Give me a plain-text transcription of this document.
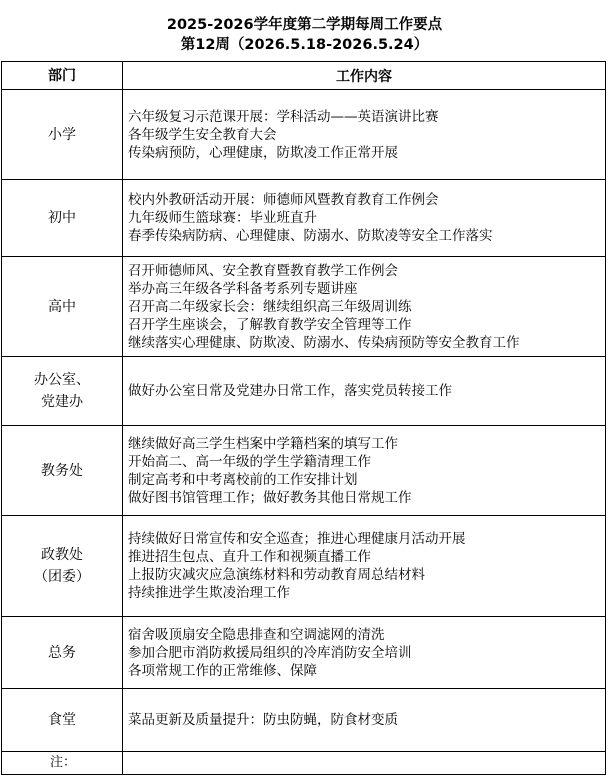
2025-2026学年度第二学期每周工作要点
第12周（2026.5.18-2026.5.24）
部门	工作内容

小学	六年级复习示范课开展：学科活动——英语演讲比赛
各年级学生安全教育大会
传染病预防，心理健康，防欺凌工作正常开展

初中	校内外教研活动开展：师德师风暨教育教育工作例会
九年级师生篮球赛：毕业班直升
春季传染病防病、心理健康、防溺水、防欺凌等安全工作落实

高中	召开师德师风、安全教育暨教育教学工作例会
举办高三年级各学科备考系列专题讲座
召开高二年级家长会：继续组织高三年级周训练
召开学生座谈会，了解教育教学安全管理等工作
继续落实心理健康、防欺凌、防溺水、传染病预防等安全教育工作

办公室、
党建办	做好办公室日常及党建办日常工作，落实党员转接工作

教务处	继续做好高三学生档案中学籍档案的填写工作
开始高二、高一年级的学生学籍清理工作
制定高考和中考离校前的工作安排计划
做好图书馆管理工作；做好教务其他日常规工作

政教处
（团委）	持续做好日常宣传和安全巡查；推进心理健康月活动开展
推进招生包点、直升工作和视频直播工作
上报防灾减灾应急演练材料和劳动教育周总结材料
持续推进学生欺凌治理工作

总务	宿舍吸顶扇安全隐患排查和空调滤网的清洗
参加合肥市消防救援局组织的冷库消防安全培训
各项常规工作的正常维修、保障

食堂	菜品更新及质量提升：防虫防蝇，防食材变质

注：	
